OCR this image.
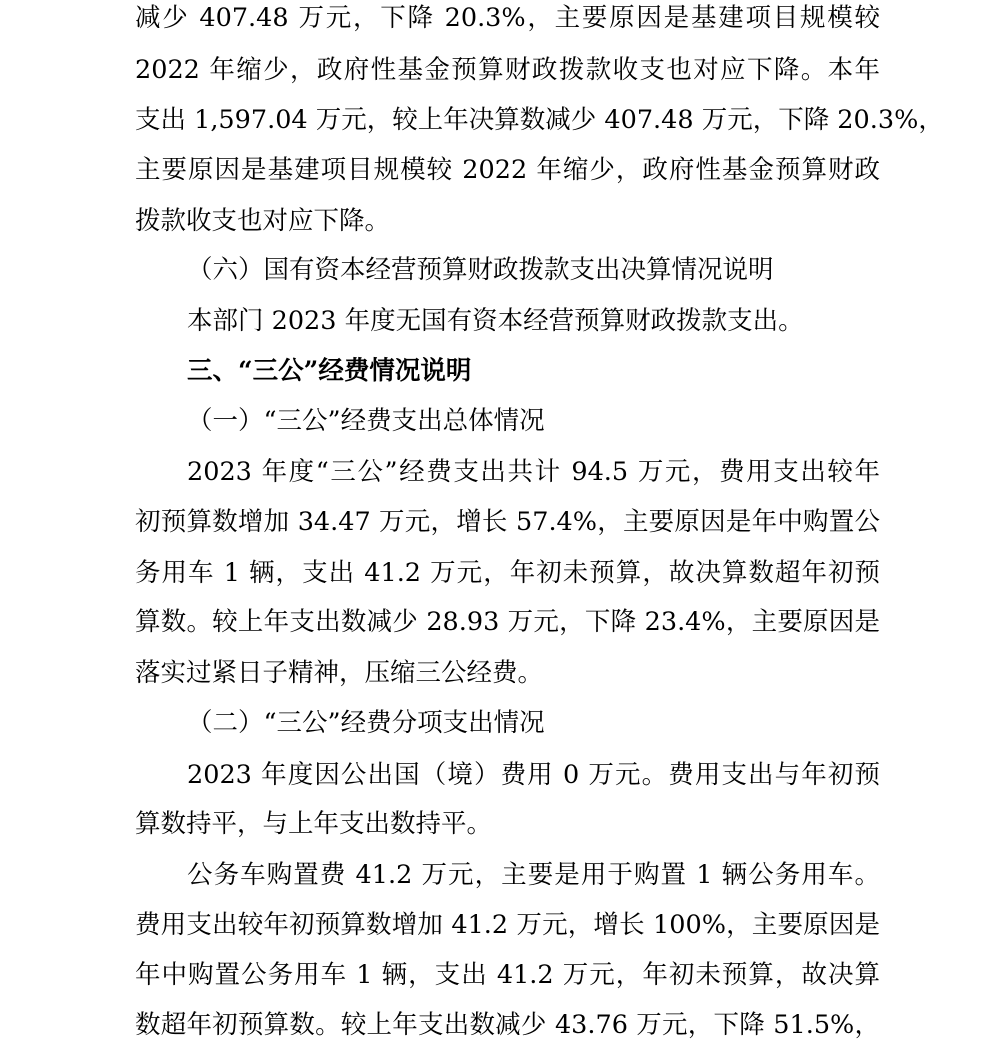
减少 407.48 万元，下降 20.3%，主要原因是基建项目规模较
2022 年缩少，政府性基金预算财政拨款收支也对应下降。本年
支出 1,597.04 万元，较上年决算数减少 407.48 万元，下降 20.3%，
主要原因是基建项目规模较 2022 年缩少，政府性基金预算财政
拨款收支也对应下降。
（六）国有资本经营预算财政拨款支出决算情况说明
本部门 2023 年度无国有资本经营预算财政拨款支出。
三、“三公”经费情况说明
（一）“三公”经费支出总体情况
2023 年度“三公”经费支出共计 94.5 万元，费用支出较年
初预算数增加 34.47 万元，增长 57.4%，主要原因是年中购置公
务用车 1 辆，支出 41.2 万元，年初未预算，故决算数超年初预
算数。较上年支出数减少 28.93 万元，下降 23.4%，主要原因是
落实过紧日子精神，压缩三公经费。
（二）“三公”经费分项支出情况
2023 年度因公出国（境）费用 0 万元。费用支出与年初预
算数持平，与上年支出数持平。
公务车购置费 41.2 万元，主要是用于购置 1 辆公务用车。
费用支出较年初预算数增加 41.2 万元，增长 100%，主要原因是
年中购置公务用车 1 辆，支出 41.2 万元，年初未预算，故决算
数超年初预算数。较上年支出数减少 43.76 万元，下降 51.5%，
